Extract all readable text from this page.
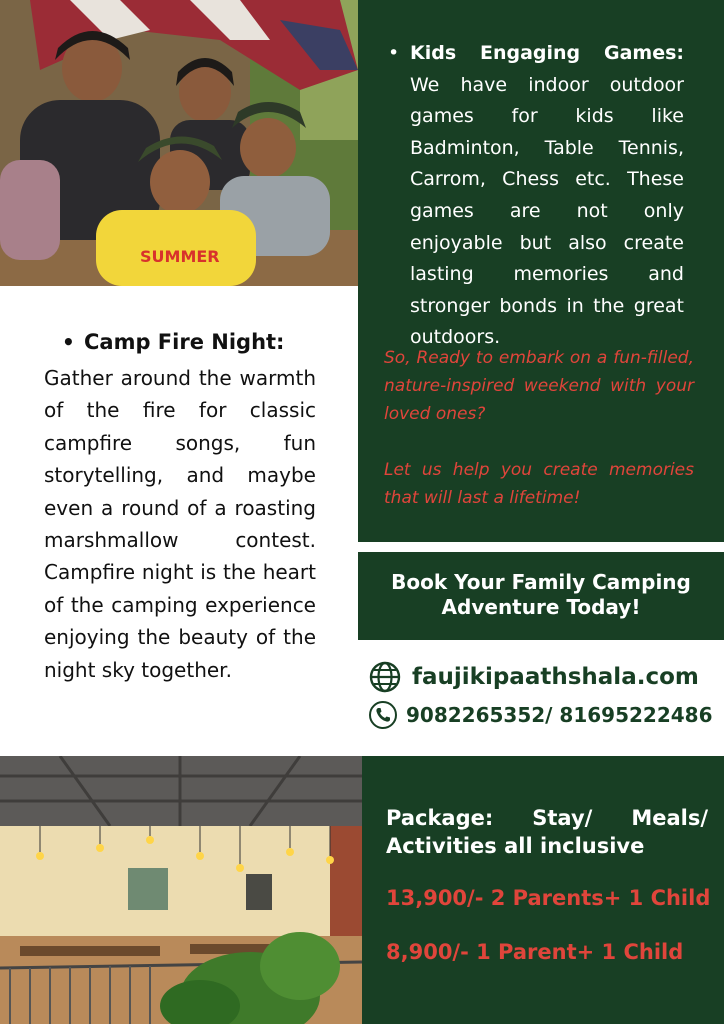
SUMMER
• Kids Engaging Games: We have indoor outdoor games for kids like Badminton, Table Tennis, Carrom, Chess etc. These games are not only enjoyable but also create lasting memories and stronger bonds in the great outdoors.

So, Ready to embark on a fun-filled, nature-inspired weekend with your loved ones?

Let us help you create memories that will last a lifetime!

Book Your Family Camping
Adventure Today!
• Camp Fire Night:
Gather around the warmth of the fire for classic campfire songs, fun storytelling, and maybe even a round of a roasting marshmallow contest. Campfire night is the heart of the camping experience enjoying the beauty of the night sky together.	faujikipaathshala.com
9082265352/ 81695222486
Package: Stay/ Meals/ Activities all inclusive
13,900/- 2 Parents+ 1 Child
8,900/- 1 Parent+ 1 Child
